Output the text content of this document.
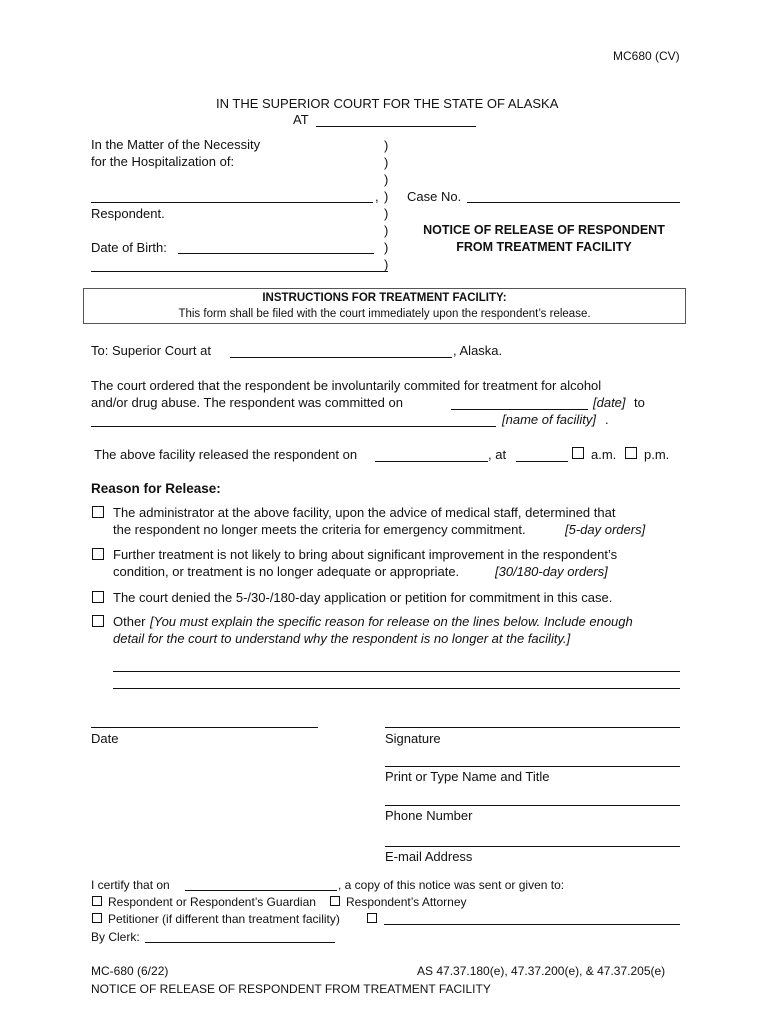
MC680 (CV)
IN THE SUPERIOR COURT FOR THE STATE OF ALASKA
AT
In the Matter of the Necessity
for the Hospitalization of:
,
Respondent.
Date of Birth:
)
)
)
)
)
)
)
)
Case No.
NOTICE OF RELEASE OF RESPONDENT
FROM TREATMENT FACILITY
INSTRUCTIONS FOR TREATMENT FACILITY:
This form shall be filed with the court immediately upon the respondent’s release.
To: Superior Court at	, Alaska.
The court ordered that the respondent be involuntarily commited for treatment for alcohol
and/or drug abuse. The respondent was committed on	[date] to
[name of facility] .
The above facility released the respondent on	, at	a.m. p.m.
Reason for Release:
The administrator at the above facility, upon the advice of medical staff, determined that
the respondent no longer meets the criteria for emergency commitment.	[5-day orders]
Further treatment is not likely to bring about significant improvement in the respondent’s
condition, or treatment is no longer adequate or appropriate.	[30/180-day orders]
The court denied the 5-/30-/180-day application or petition for commitment in this case.
Other [You must explain the specific reason for release on the lines below. Include enough
detail for the court to understand why the respondent is no longer at the facility.]
Date	Signature
Print or Type Name and Title
Phone Number
E-mail Address
I certify that on	, a copy of this notice was sent or given to:
Respondent or Respondent’s Guardian	Respondent’s Attorney
Petitioner (if different than treatment facility)
By Clerk:
MC-680 (6/22)	AS 47.37.180(e), 47.37.200(e), & 47.37.205(e)
NOTICE OF RELEASE OF RESPONDENT FROM TREATMENT FACILITY
